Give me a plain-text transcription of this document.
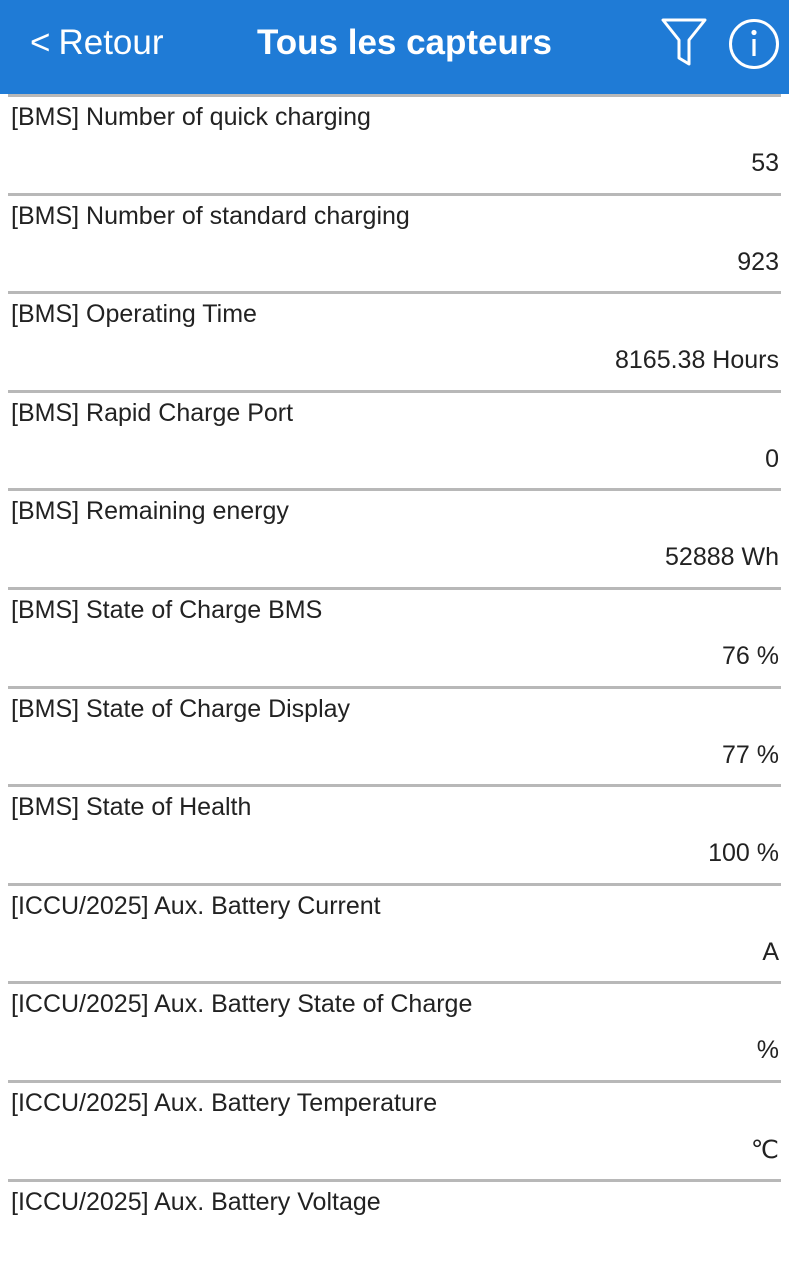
< Retour	Tous les capteurs
[BMS] Number of quick charging
53
[BMS] Number of standard charging
923
[BMS] Operating Time
8165.38 Hours
[BMS] Rapid Charge Port
0
[BMS] Remaining energy
52888 Wh
[BMS] State of Charge BMS
76 %
[BMS] State of Charge Display
77 %
[BMS] State of Health
100 %
[ICCU/2025] Aux. Battery Current
A
[ICCU/2025] Aux. Battery State of Charge
%
[ICCU/2025] Aux. Battery Temperature
℃
[ICCU/2025] Aux. Battery Voltage
